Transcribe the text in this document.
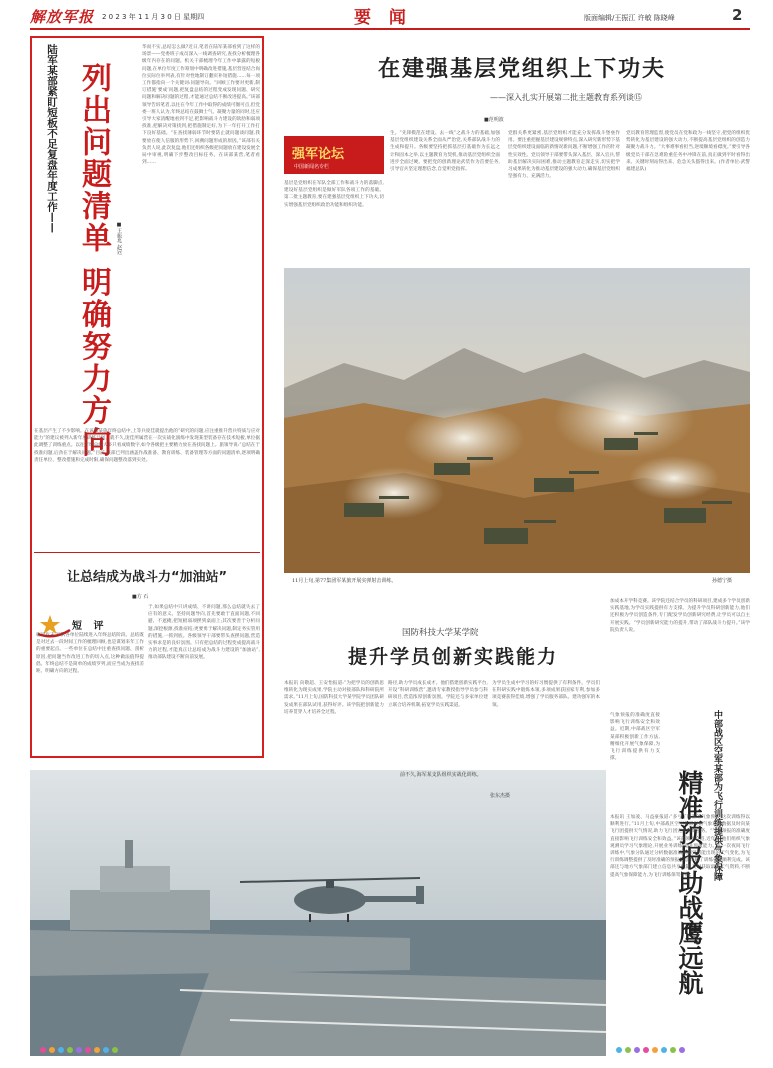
解放军报 2 0 2 3 年 1 1 月 3 0 日 星期四	要 闻	版面编辑/王振江 许敏 陈晓峰	2
陆军某部紧盯短板不足复盘年度工作—— 列出问题清单 明确努力方向 ■王振兆 赵冠
华而不实,总结怎么做?近日,笔者在陆军某部看到了这样的场景——党委班子成员深入一线调查研究,查找分析梳理各级年内存在的问题。机关干部梳理今年工作中暴露的短板问题,在单位年度工作筹划中明确改进措施,基层营连结合岗位实际位举列表,有针对性地制订翻页补短措施……每一项工作都指向一个关键词:问题导向。“回顾工作要对更新,制订措施‘要成’问题,把复盘总结的过程变成发现问题、研究问题和解决问题的过程,才能通过总结不断改进提高。”该部领导告诉笔者,以往在今年工作中取得的成绩可圈可点,但党委一班人认为,年终总结在鼓舞士气、凝聚力量的同时,还应引导大家清醒地看到不足,把影响战斗力建设的软肋和弱项找准,把解决对策找到,把措施制定好,为下一年打开工作打下良好基础。“在查找薄弱环节时要防止就问题谈问题,我要放在使人信服的形势下,回溯问题形成的原因。”该部有关负责人说,此次复盘,他们还组织各级把问题放在建设发展全局中审视,明确下步整改目标任务。在该部某营,笔者看到……
在基层产生了不少影响。在该部某旅年终总结中,上等兵庞佳就提出他的“研究的问题,应注重推升营兵特质与应对能力”的建议被列入新年度训练计划。就不久,庞佳所属营在一次实战化演练中发现某型装备存在技术短板,单位据此调整了训练重点。以往年终总结大多只看成绩数字,如今各级把主要精力放在查找问题上。旅领导说:“总结在于找准问题,后劲在于解决问题。”目前,该部已列出涵盖作战准备、教育训练、装备管理等方面的问题清单,逐项明确责任单位、整改措施和完成时限,确保问题整改落到实处。
让总结成为战斗力“加油站”
■方 石
短 评
临近岁末,军队各单位陆续进入年终总结阶段。总结既是对过去一段时间工作的梳理回顾,也是谋划来年工作的重要起点。一些单位在总结中注重查找问题、剖析原因,把问题当作改进工作的切入点,这种做法值得提倡。年终总结不是简单的成绩罗列,而应当成为查找差距、明确方向的过程。
于,如果总结中只讲成绩、不讲问题,那么总结就失去了应有的意义。坚持问题导向,首先要敢于直面问题,不回避、不遮掩,把短板弱项摆到桌面上;其次要善于分析问题,深挖根源,找准症结;更要勇于解决问题,制定务实管用的措施,一抓到底。各级领导干部要带头查摆问题,营造实事求是的良好氛围。只有把总结的过程变成提高战斗力的过程,才能真正让总结成为战斗力建设的“加油站”,推动部队建设不断向前发展。
在建强基层党组织上下功夫
——深入扎实开展第二批主题教育系列谈⑮
■范明波
强军论坛
中国新闻名专栏
基层是党组织在军队全部工作和战斗力的落脚点,建设好基层党组织是做好军队各项工作的基础。第二批主题教育,要在建强基层党组织上下功夫,切实增强基层党组织政治功能和组织功能。
生。“先锋模范在建设、去一线”之战斗力的基础,加强基层党组织建设关系全面从严治党,关系部队战斗力的生成和提升。各级要坚持把抓基层打基础作为长远之计和固本之举,以主题教育为契机,推动基层党组织全面进步全面过硬。要把党的创新理论武装作为首要任务,引导官兵坚定理想信念,自觉听党指挥。
党群关系更紧密,基层党组织才能充分发挥战斗堡垒作用。要注重把握基层建设规律特点,深入研究新形势下基层党组织建设面临的新情况新问题,不断增强工作的针对性实效性。党员领导干部要带头深入基层、深入官兵,帮助基层解决实际困难,推动主题教育走深走实,切实把学习成果转化为推动基层建设的强大动力,确保基层党组织坚强有力、充满活力。
党员教育管理监督,使党员在党和政为一线坚守,把党的组织优势转化为基层建设的强大动力,不断提高基层党组织的创造力凝聚力战斗力。“大事难事看担当,逆境顺境看襟度。”要引导各级党员干部在急难险重任务中冲锋在前,真正做到平时看得出来、关键时刻站得出来、危急关头豁得出来。(作者单位:武警福建总队)
11月上旬,第77集团军某旅开展实弹射击训练。	孙德宁摄
国防科技大学某学院
提升学员创新实践能力
本报讯 向敬超、王安怡报道:“为把学员的创新思维转化为现实成果,学院主动对接部队和科研院所需求。”11月上旬,国防科技大学某学院学员团队研发成果在部队试用,获得好评。该学院把创新能力培养贯穿人才培养全过程。
路径,助力学员成长成才。他们搭建创新实践平台,开设“科研训练营”,邀请专家教授指导学员参与科研项目,营造浓厚创新氛围。学院还与多家单位建立联合培养机制,拓宽学员实践渠道。
为学员生成中学习的好习惯提供了有利条件。学员们在科研实践中锻炼本领,多项成果获国家专利,参加多项竞赛获得佳绩,增强了学员服务部队、建功强军的本领。
加成本开学科竞赛。该学院还结合学员的科研项目,建成多个学员创新实践基地,为学员实践提供有力支撑。为提升学员科研创新能力,他们还积极为学员创造条件,专门配发学员创新研究经费,让学员可以自主开展实践。“学员创新研究能力的提升,带动了部队战斗力提升。”该学院负责人说。
前不久,海军某支队组织实战化训练。
张东杰摄	中部战区空军某部为飞行训练提供气象保障
精准预报助战鹰远航
气象预报的准确度直接影响飞行训练安全和效益。近期,中部战区空军某部积极创新工作方法,精细化开展气象保障,为飞行训练提供有力支撑。
本报讯 王加凌、马益豪报道:“多亏了精准的气象预报,这次训练得以顺利进行。”11月上旬,中部战区空军某部根据气象观测数据及时向某飞行团提供天气情况,助力飞行团完成训练任务。“气象预报的准确度直接影响飞行训练安全和效益。”该部领导介绍,近年来,他们组织气象观测员学习气象理论,开展业务训练,提升预报能力。在一次夜间飞行训练中,气象分队通过分析数据准确预测到可能出现的天气变化,为飞行训练调整提供了及时准确的预报信息,保障了训练任务顺利完成。该部还与地方气象部门建立信息共享机制,及时获取最新天气资料,不断提高气象保障能力,为飞行训练保驾护航。
